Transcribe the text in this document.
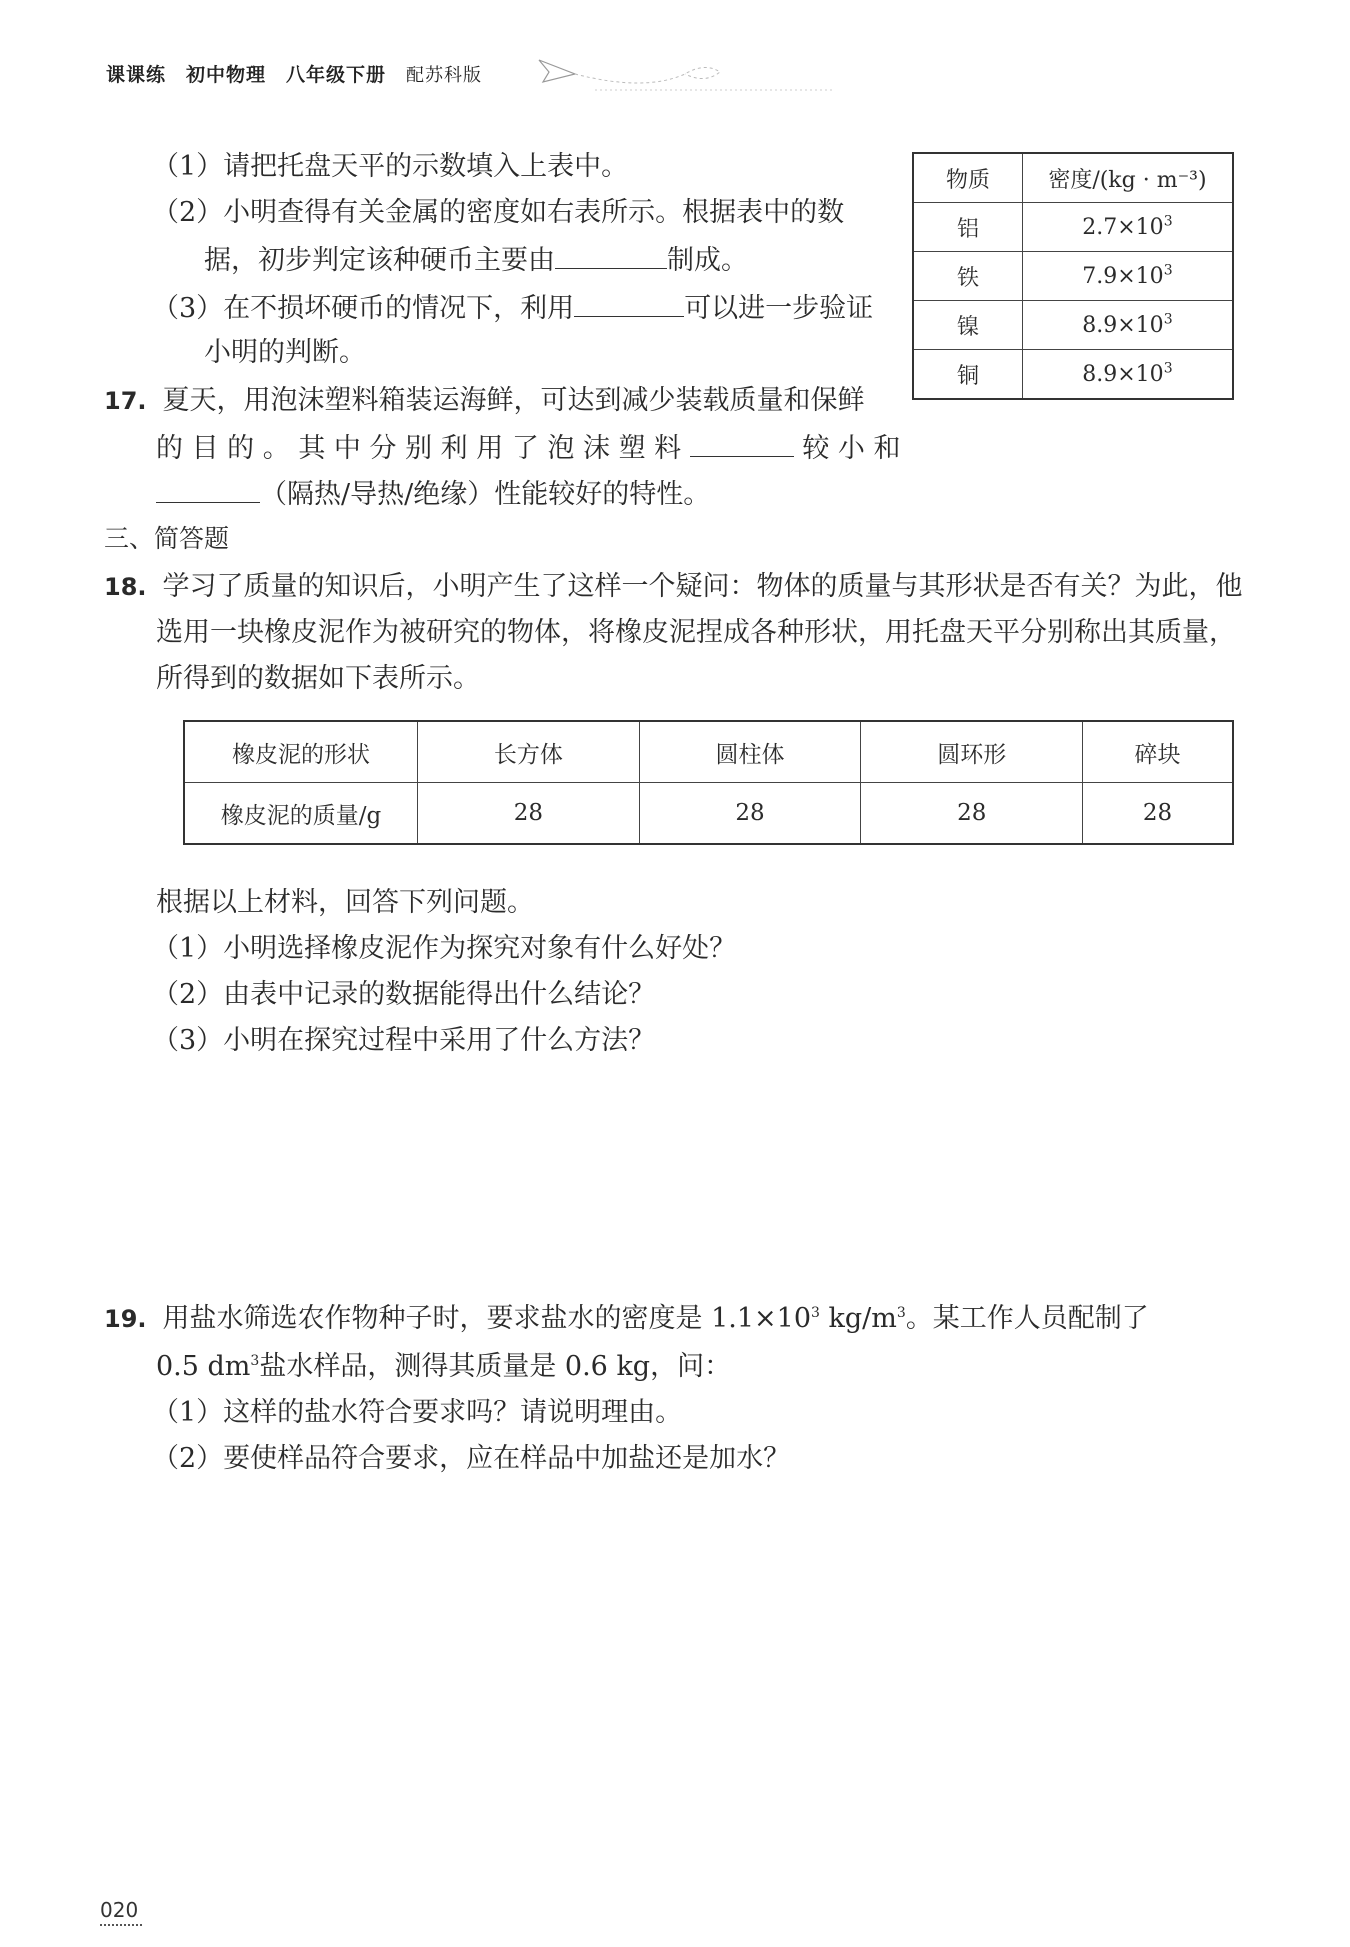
课课练 初中物理 八年级下册 配苏科版
（1）请把托盘天平的示数填入上表中。
（2）小明查得有关金属的密度如右表所示。根据表中的数
据，初步判定该种硬币主要由	制成。
（3）在不损坏硬币的情况下，利用	可以进一步验证
小明的判断。
物质	密度/(kg · m⁻³)
铝	$2.7\times 10^3$
铁	$7.9\times 10^3$
镍	$8.9\times 10^3$
铜	$8.9\times 10^3$
17. 夏天，用泡沫塑料箱装运海鲜，可达到减少装载质量和保鲜
的 目 的 。 其 中 分 别 利 用 了 泡 沫 塑 料	较 小 和
（隔热/导热/绝缘）性能较好的特性。
三、简答题
18. 学习了质量的知识后，小明产生了这样一个疑问：物体的质量与其形状是否有关？为此，他
选用一块橡皮泥作为被研究的物体，将橡皮泥捏成各种形状，用托盘天平分别称出其质量，
所得到的数据如下表所示。
橡皮泥的形状	长方体	圆柱体	圆环形	碎块
橡皮泥的质量/g	28	28	28	28
根据以上材料，回答下列问题。
（1）小明选择橡皮泥作为探究对象有什么好处？
（2）由表中记录的数据能得出什么结论？
（3）小明在探究过程中采用了什么方法？
19. 用盐水筛选农作物种子时，要求盐水的密度是 $1.1\times 10^3$ $kg/m^3$。某工作人员配制了
0.5 $dm^3$盐水样品，测得其质量是 0.6 kg，问：
（1）这样的盐水符合要求吗？请说明理由。
（2）要使样品符合要求，应在样品中加盐还是加水？
020
